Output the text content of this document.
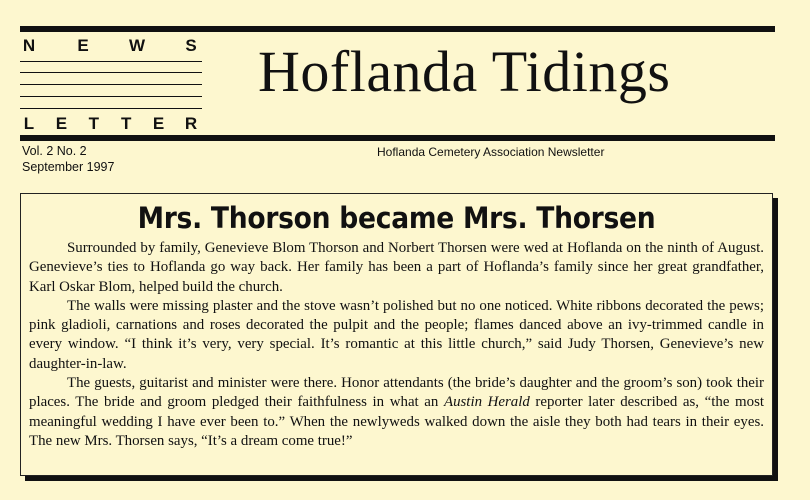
N E W S
L E T T E R
Hoflanda Tidings
Vol. 2 No. 2
September 1997
Hoflanda Cemetery Association Newsletter
Mrs. Thorson became Mrs. Thorsen

Surrounded by family, Genevieve Blom Thorson and Norbert Thorsen were wed at Hoflanda on the ninth of August. Genevieve’s ties to Hoflanda go way back. Her family has been a part of Hoflanda’s family since her great grandfather, Karl Oskar Blom, helped build the church.

The walls were missing plaster and the stove wasn’t polished but no one noticed. White ribbons decorated the pews; pink gladioli, carnations and roses decorated the pulpit and the people; flames danced above an ivy-trimmed candle in every window. “I think it’s very, very special. It’s romantic at this little church,” said Judy Thorsen, Genevieve’s new daughter-in-law.

The guests, guitarist and minister were there. Honor attendants (the bride’s daughter and the groom’s son) took their places. The bride and groom pledged their faithfulness in what an Austin Herald reporter later described as, “the most meaningful wedding I have ever been to.” When the newlyweds walked down the aisle they both had tears in their eyes. The new Mrs. Thorsen says, “It’s a dream come true!”
